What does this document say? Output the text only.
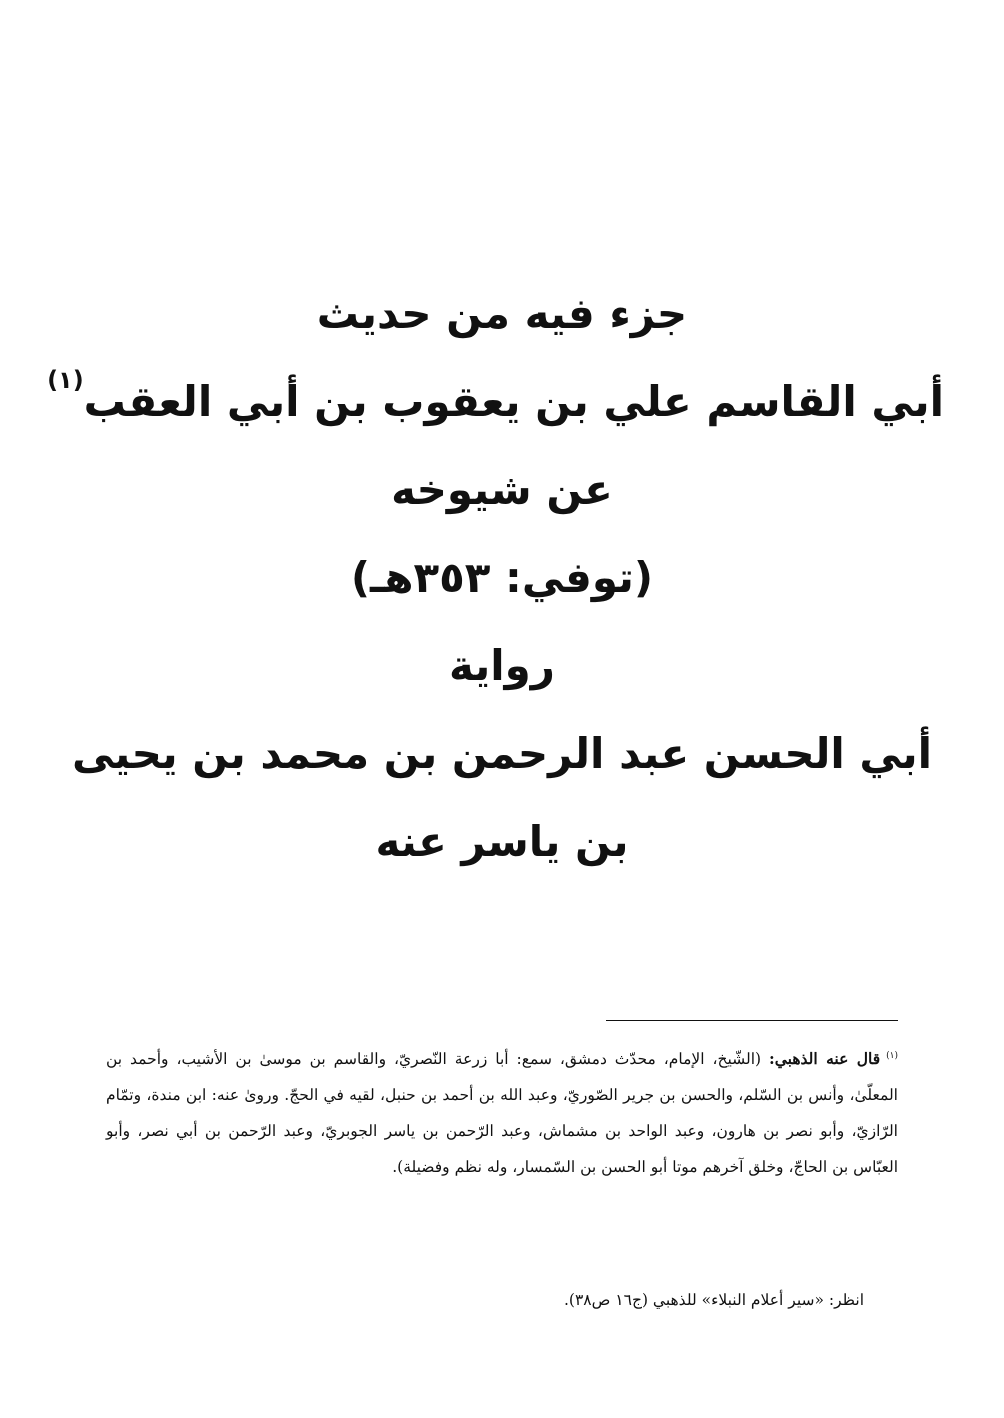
جزء فيه من حديث
أبي القاسم علي بن يعقوب بن أبي العقب$^{(١)}$
عن شيوخه
(توفي: ٣٥٣هـ)
رواية
أبي الحسن عبد الرحمن بن محمد بن يحيى
بن ياسر عنه
$^{(١)}$قال عنه الذهبي: (الشّيخ، الإمام، محدّث دمشق، سمع: أبا زرعة النّصريّ، والقاسم بن موسىٰ بن الأشيب، وأحمد بن المعلّىٰ، وأنس بن السّلم، والحسن بن جرير الصّوريّ، وعبد الله بن أحمد بن حنبل، لقيه في الحجّ. وروىٰ عنه: ابن مندة، وتمّام الرّازيّ، وأبو نصر بن هارون، وعبد الواحد بن مشماش، وعبد الرّحمن بن ياسر الجوبريّ، وعبد الرّحمن بن أبي نصر، وأبو العبّاس بن الحاجّ، وخلق آخرهم موتا أبو الحسن بن السّمسار، وله نظم وفضيلة).
انظر: «سير أعلام النبلاء» للذهبي (ج١٦ ص٣٨).
